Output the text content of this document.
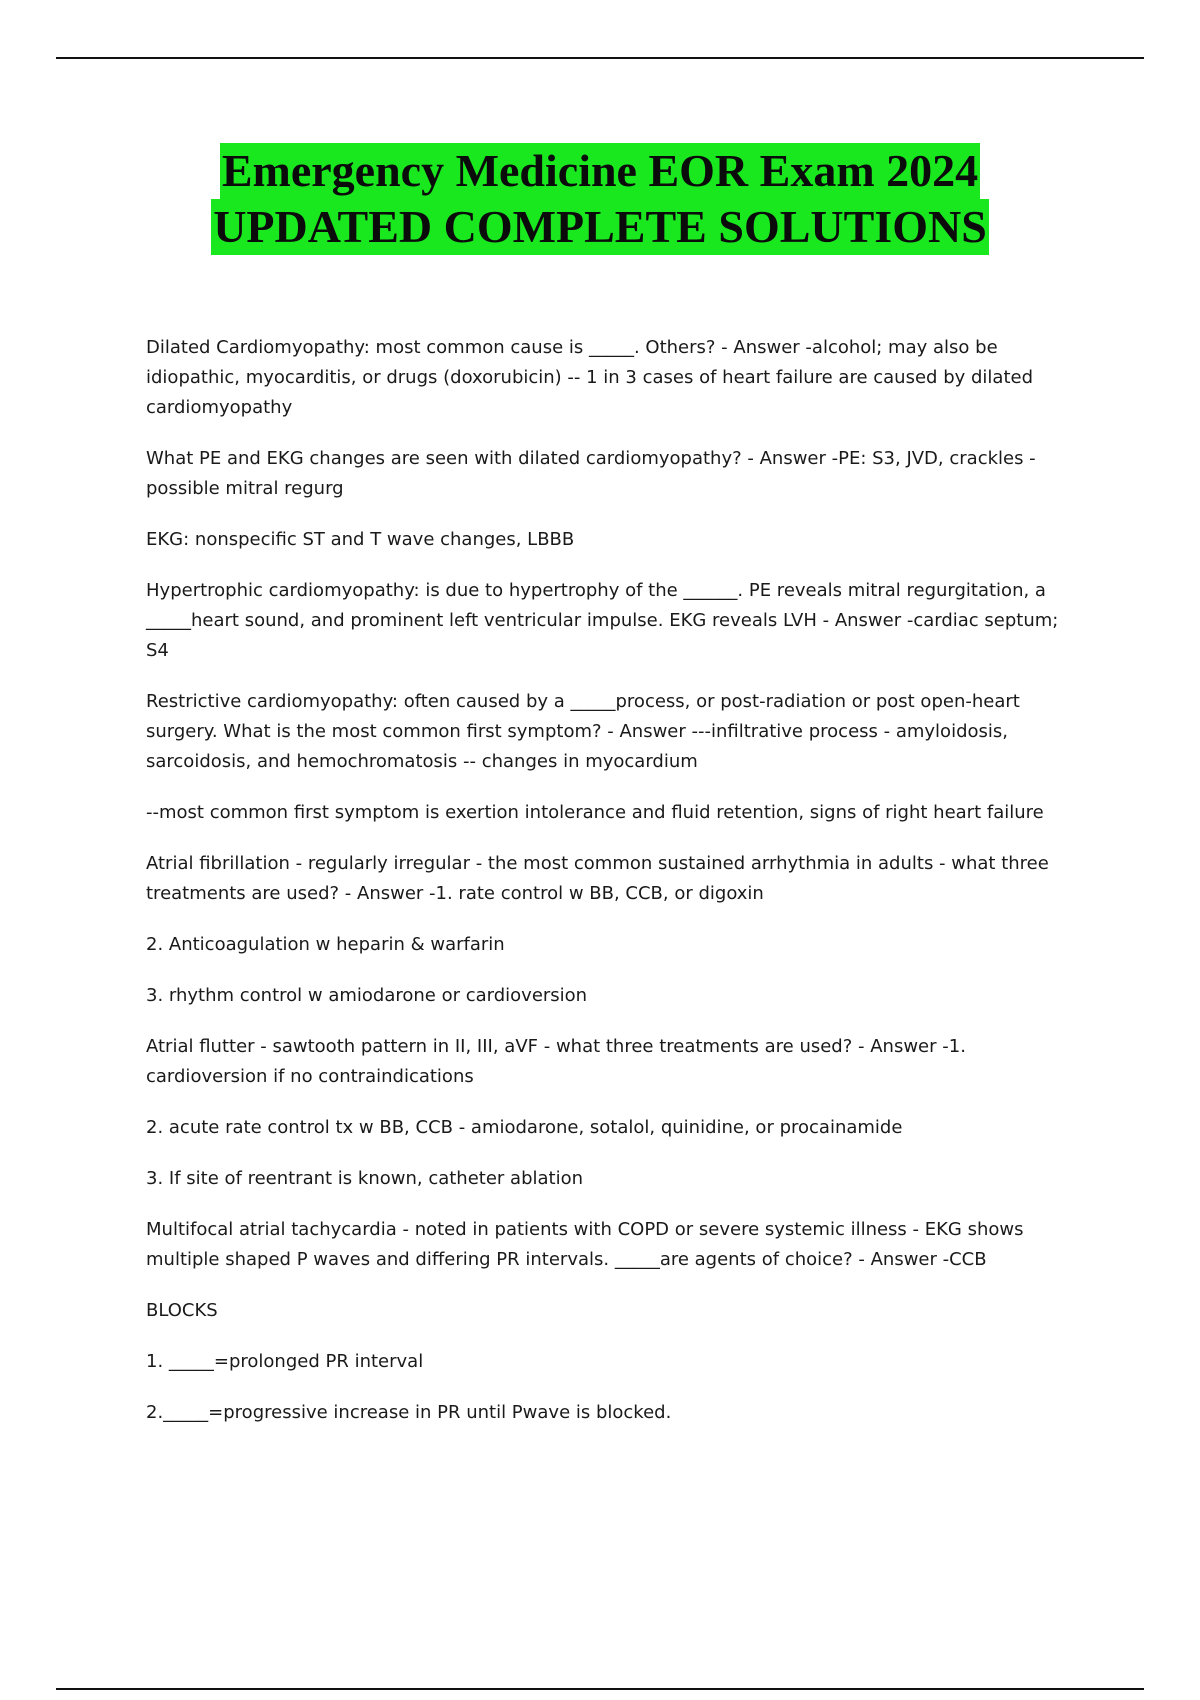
Emergency Medicine EOR Exam 2024
UPDATED COMPLETE SOLUTIONS

Dilated Cardiomyopathy: most common cause is _____. Others? - Answer -alcohol; may also be idiopathic, myocarditis, or drugs (doxorubicin) -- 1 in 3 cases of heart failure are caused by dilated cardiomyopathy

What PE and EKG changes are seen with dilated cardiomyopathy? - Answer -PE: S3, JVD, crackles - possible mitral regurg

EKG: nonspecific ST and T wave changes, LBBB

Hypertrophic cardiomyopathy: is due to hypertrophy of the ______. PE reveals mitral regurgitation, a _____heart sound, and prominent left ventricular impulse. EKG reveals LVH - Answer -cardiac septum; S4

Restrictive cardiomyopathy: often caused by a _____process, or post-radiation or post open-heart surgery. What is the most common first symptom? - Answer ---infiltrative process - amyloidosis, sarcoidosis, and hemochromatosis -- changes in myocardium

--most common first symptom is exertion intolerance and fluid retention, signs of right heart failure

Atrial fibrillation - regularly irregular - the most common sustained arrhythmia in adults - what three treatments are used? - Answer -1. rate control w BB, CCB, or digoxin

2. Anticoagulation w heparin & warfarin

3. rhythm control w amiodarone or cardioversion

Atrial flutter - sawtooth pattern in II, III, aVF - what three treatments are used? - Answer -1. cardioversion if no contraindications

2. acute rate control tx w BB, CCB - amiodarone, sotalol, quinidine, or procainamide

3. If site of reentrant is known, catheter ablation

Multifocal atrial tachycardia - noted in patients with COPD or severe systemic illness - EKG shows multiple shaped P waves and differing PR intervals. _____are agents of choice? - Answer -CCB

BLOCKS

1. _____=prolonged PR interval

2._____=progressive increase in PR until Pwave is blocked.
